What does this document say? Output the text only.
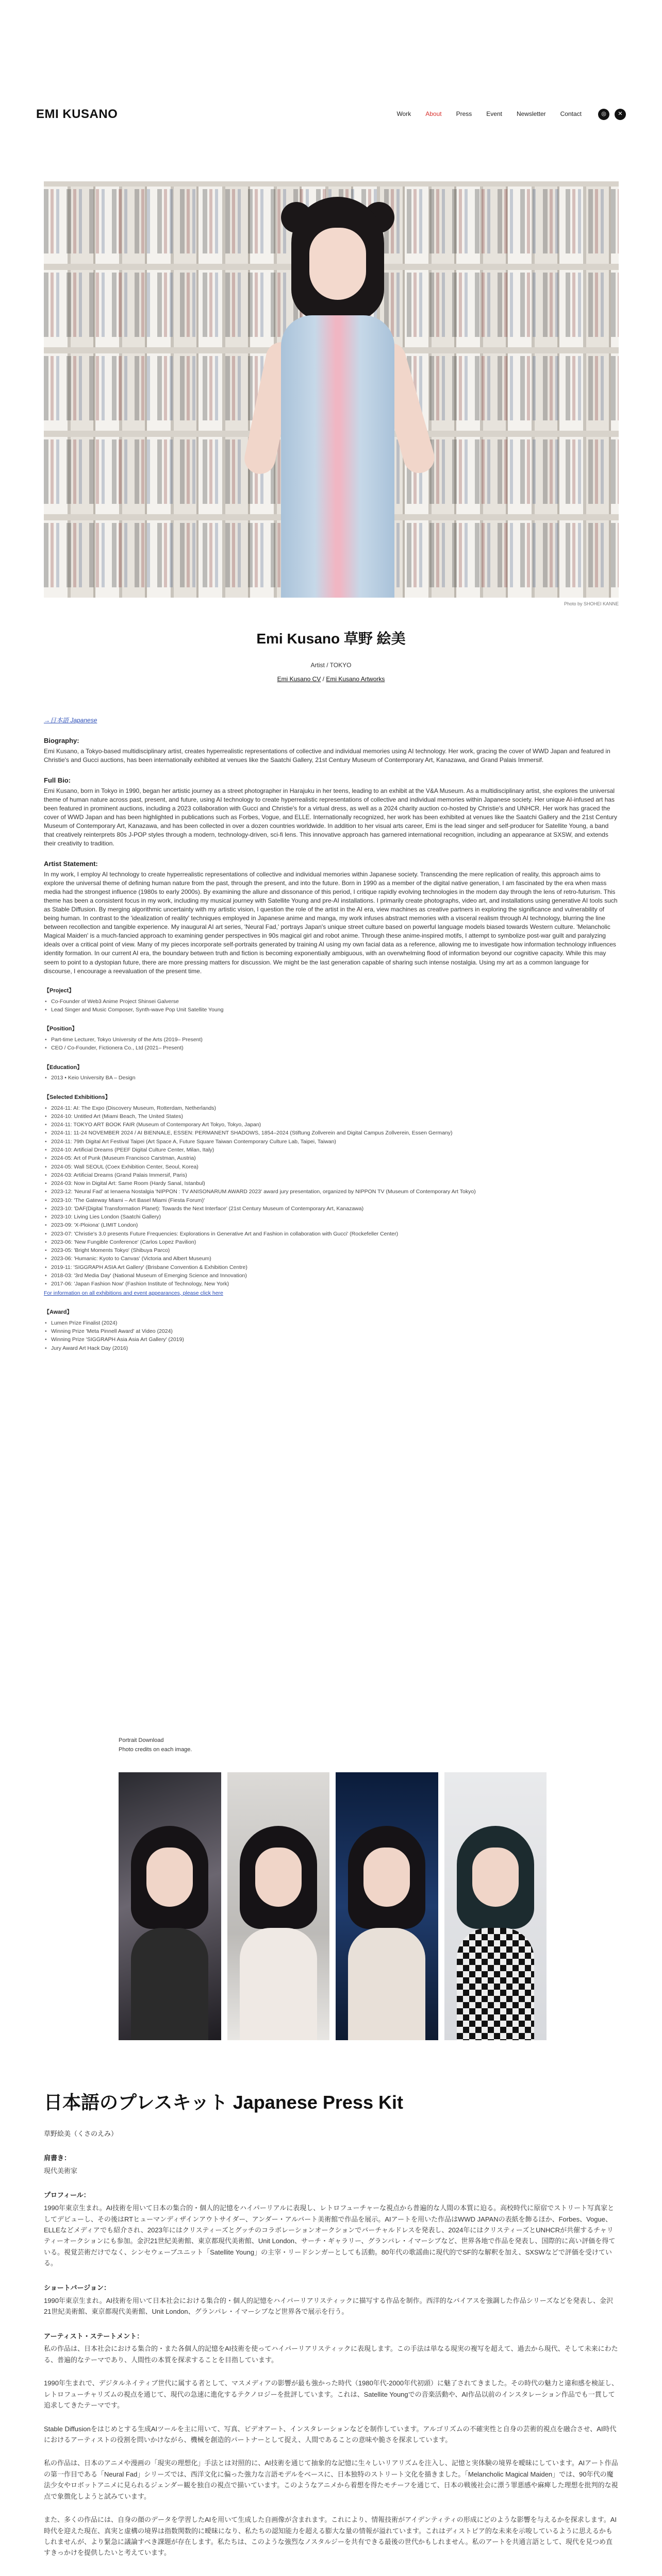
EMI KUSANO	Work About Press Event Newsletter Contact	◎	✕
Photo by SHOHEI KANNE
Emi Kusano 草野 絵美
Artist / TOKYO
Emi Kusano CV / Emi Kusano Artworks
→日本語 Japanese
Biography:
Emi Kusano, a Tokyo-based multidisciplinary artist, creates hyperrealistic representations of collective and individual memories using AI technology. Her work, gracing the cover of WWD Japan and featured in Christie's and Gucci auctions, has been internationally exhibited at venues like the Saatchi Gallery, 21st Century Museum of Contemporary Art, Kanazawa, and Grand Palais Immersif.
Full Bio:
Emi Kusano, born in Tokyo in 1990, began her artistic journey as a street photographer in Harajuku in her teens, leading to an exhibit at the V&A Museum. As a multidisciplinary artist, she explores the universal theme of human nature across past, present, and future, using AI technology to create hyperrealistic representations of collective and individual memories within Japanese society. Her unique AI-infused art has been featured in prominent auctions, including a 2023 collaboration with Gucci and Christie's for a virtual dress, as well as a 2024 charity auction co-hosted by Christie's and UNHCR. Her work has graced the cover of WWD Japan and has been highlighted in publications such as Forbes, Vogue, and ELLE. Internationally recognized, her work has been exhibited at venues like the Saatchi Gallery and the 21st Century Museum of Contemporary Art, Kanazawa, and has been collected in over a dozen countries worldwide. In addition to her visual arts career, Emi is the lead singer and self-producer for Satellite Young, a band that creatively reinterprets 80s J-POP styles through a modern, technology-driven, sci-fi lens. This innovative approach has garnered international recognition, including an appearance at SXSW, and extends their creativity to tradition.
Artist Statement:
In my work, I employ AI technology to create hyperrealistic representations of collective and individual memories within Japanese society. Transcending the mere replication of reality, this approach aims to explore the universal theme of defining human nature from the past, through the present, and into the future. Born in 1990 as a member of the digital native generation, I am fascinated by the era when mass media had the strongest influence (1980s to early 2000s). By examining the allure and dissonance of this period, I critique rapidly evolving technologies in the modern day through the lens of retro-futurism. This theme has been a consistent focus in my work, including my musical journey with Satellite Young and pre-AI installations. I primarily create photographs, video art, and installations using generative AI tools such as Stable Diffusion. By merging algorithmic uncertainty with my artistic vision, I question the role of the artist in the AI era, view machines as creative partners in exploring the significance and vulnerability of being human. In contrast to the 'idealization of reality' techniques employed in Japanese anime and manga, my work infuses abstract memories with a visceral realism through AI technology, blurring the line between recollection and tangible experience. My inaugural AI art series, 'Neural Fad,' portrays Japan's unique street culture based on powerful language models biased towards Western culture. 'Melancholic Magical Maiden' is a much-fancied approach to examining gender perspectives in 90s magical girl and robot anime. Through these anime-inspired motifs, I attempt to symbolize post-war guilt and paralyzing ideals over a critical point of view. Many of my pieces incorporate self-portraits generated by training AI using my own facial data as a reference, allowing me to investigate how information technology influences identity formation. In our current AI era, the boundary between truth and fiction is becoming exponentially ambiguous, with an overwhelming flood of information beyond our cognitive capacity. While this may seem to point to a dystopian future, there are more pressing matters for discussion. We might be the last generation capable of sharing such intense nostalgia. Using my art as a common language for discourse, I encourage a reevaluation of the present time.
【Project】
• Co-Founder of Web3 Anime Project Shinsei Galverse
• Lead Singer and Music Composer, Synth-wave Pop Unit Satellite Young
【Position】
• Part-time Lecturer, Tokyo University of the Arts (2019– Present)
• CEO / Co-Founder, Fictionera Co., Ltd (2021– Present)
【Education】
• 2013 • Keio University BA – Design
【Selected Exhibitions】
• 2024-11: AI: The Expo (Discovery Museum, Rotterdam, Netherlands)
• 2024-10: Untitled Art (Miami Beach, The United States)
• 2024-11: TOKYO ART BOOK FAIR (Museum of Contemporary Art Tokyo, Tokyo, Japan)
• 2024-11: 11-24 NOVEMBER 2024 / AI BIENNALE, ESSEN: PERMANENT SHADOWS, 1854–2024 (Stiftung Zollverein and Digital Campus Zollverein, Essen Germany)
• 2024-11: 79th Digital Art Festival Taipei (Art Space A, Future Square Taiwan Contemporary Culture Lab, Taipei, Taiwan)
• 2024-10: Artificial Dreams (PEEF Digital Culture Center, Milan, Italy)
• 2024-05: Art of Punk (Museum Francisco Carstman, Austria)
• 2024-05: Wall SEOUL (Coex Exhibition Center, Seoul, Korea)
• 2024-03: Artificial Dreams (Grand Palais Immersif, Paris)
• 2024-03: Now in Digital Art: Same Room (Hardy Sanal, Istanbul)
• 2023-12: 'Neural Fad' at Ienaena Nostalgia 'NIPPON : TV ANISONARUM AWARD 2023' award jury presentation, organized by NIPPON TV (Museum of Contemporary Art Tokyo)
• 2023-10: 'The Gateway Miami – Art Basel Miami (Fiesta Forum)'
• 2023-10: 'DAF(Digital Transformation Planet): Towards the Next Interface' (21st Century Museum of Contemporary Art, Kanazawa)
• 2023-10: Living Lies London (Saatchi Gallery)
• 2023-09: 'X-Ploiona' (LIMIT London)
• 2023-07: 'Christie's 3.0 presents Future Frequencies: Explorations in Generative Art and Fashion in collaboration with Gucci' (Rockefeller Center)
• 2023-06: 'New Fungible Conference' (Carlos Lopez Pavilion)
• 2023-05: 'Bright Moments Tokyo' (Shibuya Parco)
• 2023-06: 'Humanic: Kyoto to Canvas' (Victoria and Albert Museum)
• 2019-11: 'SIGGRAPH ASIA Art Gallery' (Brisbane Convention & Exhibition Centre)
• 2018-03: '3rd Media Day' (National Museum of Emerging Science and Innovation)
• 2017-06: 'Japan Fashion Now' (Fashion Institute of Technology, New York)
For information on all exhibitions and event appearances, please click here
【Award】
• Lumen Prize Finalist (2024)
• Winning Prize 'Meta Pinnell Award' at Video (2024)
• Winning Prize 'SIGGRAPH Asia Asia Art Gallery' (2019)
• Jury Award Art Hack Day (2016)
Portrait Download
Photo credits on each image.
日本語のプレスキット Japanese Press Kit
草野絵美（くさのえみ）
肩書き：
現代美術家
プロフィール：
1990年東京生まれ。AI技術を用いて日本の集合的・個人的記憶をハイパーリアルに表現し、レトロフューチャーな視点から普遍的な人間の本質に迫る。高校時代に原宿でストリート写真家としてデビューし、その後はRTヒューマンディザインアウトサイダー、アンダー・アルバート美術館で作品を展示。AIアートを用いた作品はWWD JAPANの表紙を飾るほか、Forbes、Vogue、ELLEなどメディアでも紹介され、2023年にはクリスティーズとグッチのコラボレーションオークションでバーチャルドレスを発表し、2024年にはクリスティーズとUNHCRが共催するチャリティーオークションにも参加。金沢21世紀美術館、東京都現代美術館、Unit London、サーチ・ギャラリー、グランパレ・イマーシブなど、世界各地で作品を発表し、国際的に高い評価を得ている。視覚芸術だけでなく、シンセウェーブユニット「Satellite Young」の主宰・リードシンガーとしても活動。80年代の歌謡曲に現代的でSF的な解釈を加え、SXSWなどで評価を受けている。
ショートバージョン：
1990年東京生まれ。AI技術を用いて日本社会における集合的・個人的記憶をハイパーリアリスティックに描写する作品を制作。西洋的なバイアスを強調した作品シリーズなどを発表し、金沢21世紀美術館、東京都現代美術館、Unit London、グランパレ・イマーシブなど世界各で展示を行う。
アーティスト・ステートメント：
私の作品は、日本社会における集合的・また各個人的記憶をAI技術を使ってハイパーリアリスティックに表現します。この手法は単なる現実の複写を超えて、過去から現代、そして未来にわたる、普遍的なテーマであり、人間性の本質を探求することを目指しています。
1990年生まれで、デジタルネイティブ世代に属する者として、マスメディアの影響が最も強かった時代（1980年代-2000年代初頭）に魅了されてきました。その時代の魅力と違和感を検証し、レトロフューチャリズムの視点を通じて、現代の急速に進化するテクノロジーを批評しています。これは、Satellite Youngでの音楽活動や、AI作品以前のインスタレーション作品でも一貫して追求してきたテーマです。
Stable Diffusionをはじめとする生成AIツールを主に用いて、写真、ビデオアート、インスタレーションなどを制作しています。アルゴリズムの不確実性と自身の芸術的視点を融合させ、AI時代におけるアーティストの役割を問いかけながら、機械を創造的パートナーとして捉え、人間であることの意味や脆さを探求しています。
私の作品は、日本のアニメや漫画の「現実の理想化」手法とは対照的に、AI技術を通じて抽象的な記憶に生々しいリアリズムを注入し、記憶と実体験の境界を曖昧にしています。AIアート作品の第一作目である「Neural Fad」シリーズでは、西洋文化に偏った強力な言語モデルをベースに、日本独特のストリート文化を描きました。「Melancholic Magical Maiden」では、90年代の魔法少女やロボットアニメに見られるジェンダー観を独自の視点で描いています。このようなアニメから着想を得たモチーフを通じて、日本の戦後社会に漂う罪悪感や麻痺した理想を批判的な視点で象徴化しようと試みています。
また、多くの作品には、自身の顔のデータを学習したAIを用いて生成した自画像が含まれます。これにより、情報技術がアイデンティティの形成にどのような影響を与えるかを探求します。AI時代を迎えた現在、真実と虚構の境界は指数関数的に曖昧になり、私たちの認知能力を超える膨大な量の情報が溢れています。これはディストピア的な未来を示唆しているように思えるかもしれませんが、より緊急に議論すべき課題が存在します。私たちは、このような強烈なノスタルジーを共有できる最後の世代かもしれません。私のアートを共通言語として、現代を見つめ直すきっかけを提供したいと考えています。
